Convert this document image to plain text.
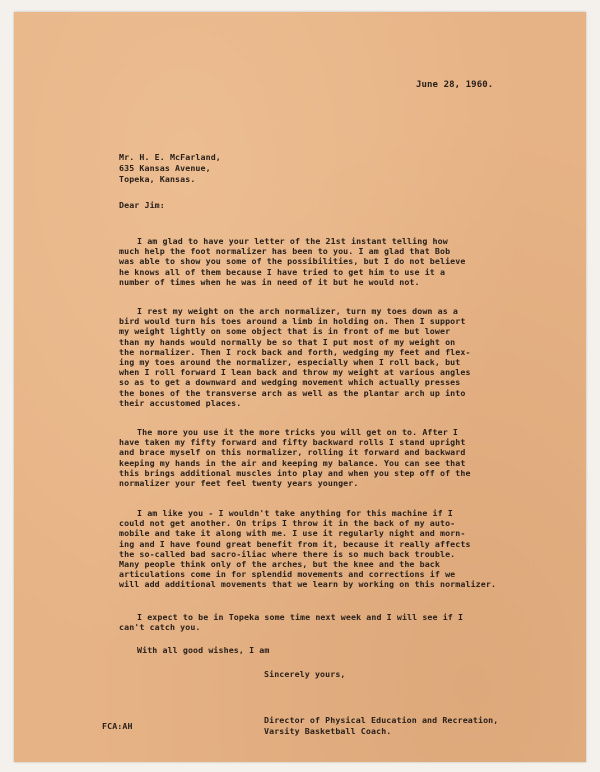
June 28, 1960.
Mr. H. E. McFarland,
635 Kansas Avenue,
Topeka, Kansas.
Dear Jim:
I am glad to have your letter of the 21st instant telling how
much help the foot normalizer has been to you. I am glad that Bob
was able to show you some of the possibilities, but I do not believe
he knows all of them because I have tried to get him to use it a
number of times when he was in need of it but he would not.
I rest my weight on the arch normalizer, turn my toes down as a
bird would turn his toes around a limb in holding on. Then I support
my weight lightly on some object that is in front of me but lower
than my hands would normally be so that I put most of my weight on
the normalizer. Then I rock back and forth, wedging my feet and flex-
ing my toes around the normalizer, especially when I roll back, but
when I roll forward I lean back and throw my weight at various angles
so as to get a downward and wedging movement which actually presses
the bones of the transverse arch as well as the plantar arch up into
their accustomed places.
The more you use it the more tricks you will get on to. After I
have taken my fifty forward and fifty backward rolls I stand upright
and brace myself on this normalizer, rolling it forward and backward
keeping my hands in the air and keeping my balance. You can see that
this brings additional muscles into play and when you step off of the
normalizer your feet feel twenty years younger.
I am like you - I wouldn't take anything for this machine if I
could not get another. On trips I throw it in the back of my auto-
mobile and take it along with me. I use it regularly night and morn-
ing and I have found great benefit from it, because it really affects
the so-called bad sacro-iliac where there is so much back trouble.
Many people think only of the arches, but the knee and the back
articulations come in for splendid movements and corrections if we
will add additional movements that we learn by working on this normalizer.
I expect to be in Topeka some time next week and I will see if I
can't catch you.
With all good wishes, I am
Sincerely yours,
FCA:AH
Director of Physical Education and Recreation,
Varsity Basketball Coach.
